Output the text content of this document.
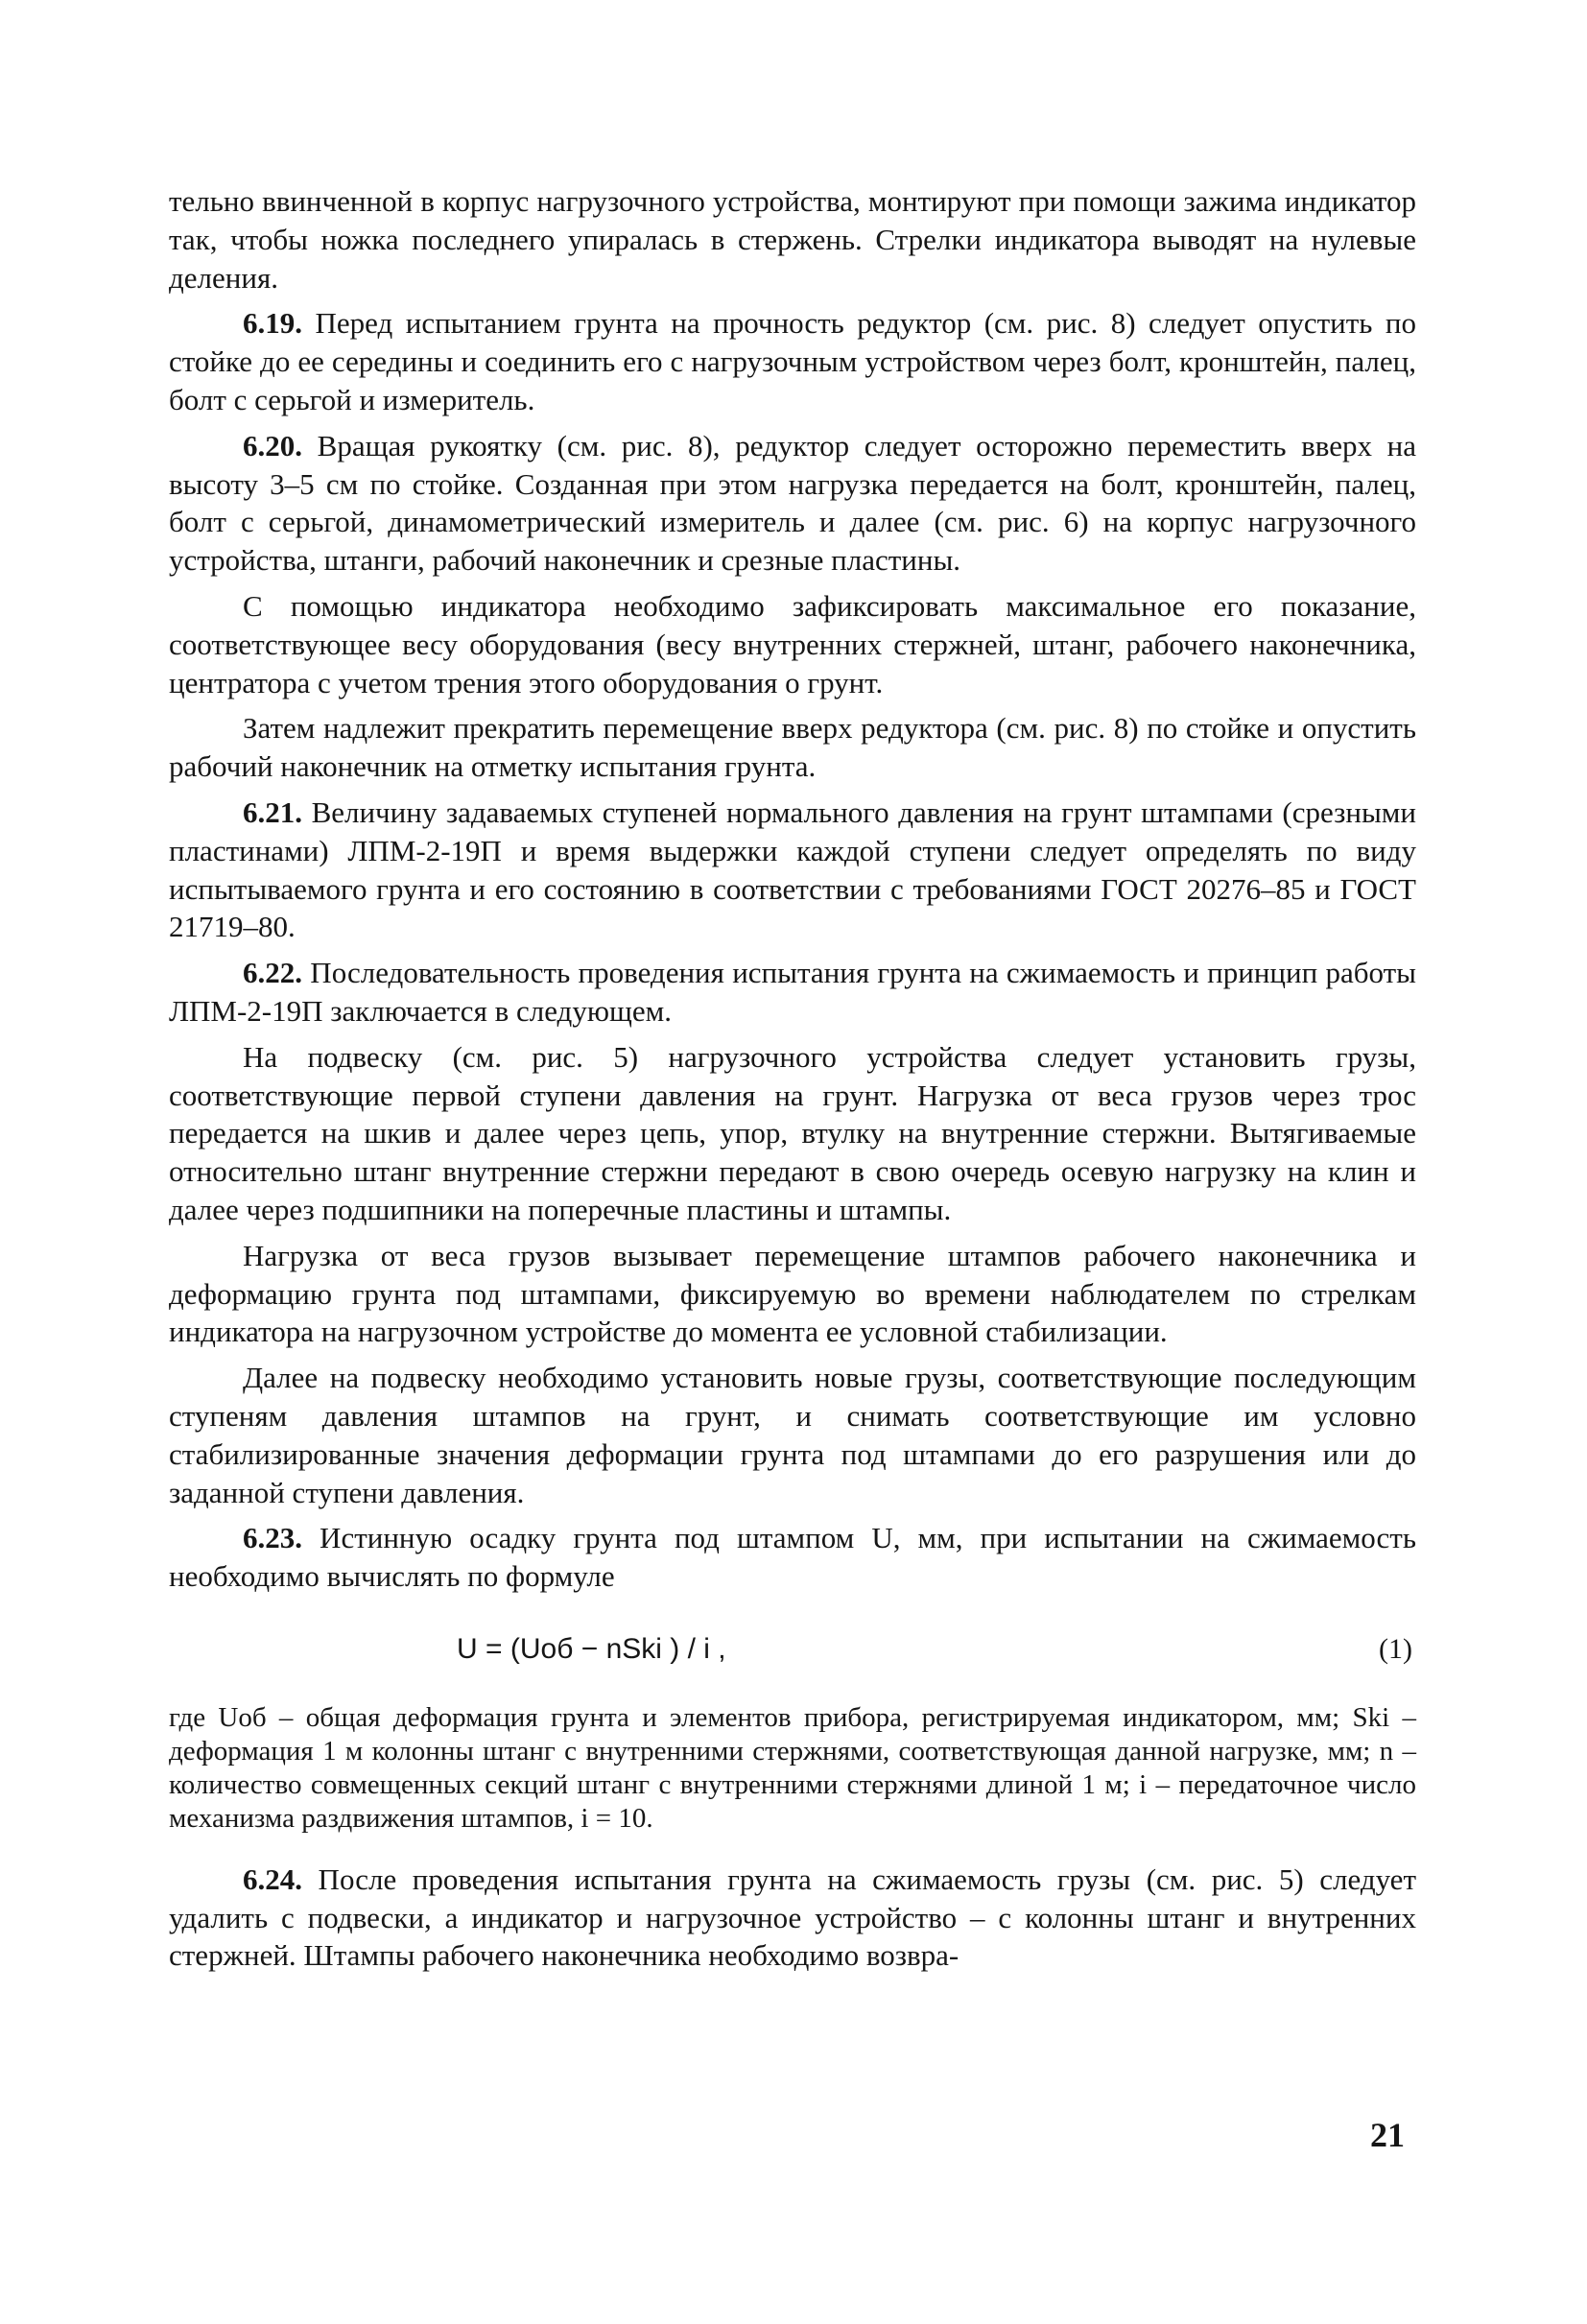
тельно ввинченной в корпус нагрузочного устройства, монтируют при помощи зажима индикатор так, чтобы ножка последнего упиралась в стержень. Стрелки индикатора выводят на нулевые деления.

6.19. Перед испытанием грунта на прочность редуктор (см. рис. 8) следует опустить по стойке до ее середины и соединить его с нагрузочным устройством через болт, кронштейн, палец, болт с серьгой и измеритель.

6.20. Вращая рукоятку (см. рис. 8), редуктор следует осторожно переместить вверх на высоту 3–5 см по стойке. Созданная при этом нагрузка передается на болт, кронштейн, палец, болт с серьгой, динамометрический измеритель и далее (см. рис. 6) на корпус нагрузочного устройства, штанги, рабочий наконечник и срезные пластины.

С помощью индикатора необходимо зафиксировать максимальное его показание, соответствующее весу оборудования (весу внутренних стержней, штанг, рабочего наконечника, центратора с учетом трения этого оборудования о грунт.

Затем надлежит прекратить перемещение вверх редуктора (см. рис. 8) по стойке и опустить рабочий наконечник на отметку испытания грунта.

6.21. Величину задаваемых ступеней нормального давления на грунт штампами (срезными пластинами) ЛПМ-2-19П и время выдержки каждой ступени следует определять по виду испытываемого грунта и его состоянию в соответствии с требованиями ГОСТ 20276–85 и ГОСТ 21719–80.

6.22. Последовательность проведения испытания грунта на сжимаемость и принцип работы ЛПМ-2-19П заключается в следующем.

На подвеску (см. рис. 5) нагрузочного устройства следует установить грузы, соответствующие первой ступени давления на грунт. Нагрузка от веса грузов через трос передается на шкив и далее через цепь, упор, втулку на внутренние стержни. Вытягиваемые относительно штанг внутренние стержни передают в свою очередь осевую нагрузку на клин и далее через подшипники на поперечные пластины и штампы.

Нагрузка от веса грузов вызывает перемещение штампов рабочего наконечника и деформацию грунта под штампами, фиксируемую во времени наблюдателем по стрелкам индикатора на нагрузочном устройстве до момента ее условной стабилизации.

Далее на подвеску необходимо установить новые грузы, соответствующие последующим ступеням давления штампов на грунт, и снимать соответствующие им условно стабилизированные значения деформации грунта под штампами до его разрушения или до заданной ступени давления.

6.23. Истинную осадку грунта под штампом U, мм, при испытании на сжимаемость необходимо вычислять по формуле

U = (Uоб − nSki ) / i ,	(1)

где Uоб – общая деформация грунта и элементов прибора, регистрируемая индикатором, мм; Ski – деформация 1 м колонны штанг с внутренними стержнями, соответствующая данной нагрузке, мм; n – количество совмещенных секций штанг с внутренними стержнями длиной 1 м; i – передаточное число механизма раздвижения штампов, i = 10.

6.24. После проведения испытания грунта на сжимаемость грузы (см. рис. 5) следует удалить с подвески, а индикатор и нагрузочное устройство – с колонны штанг и внутренних стержней. Штампы рабочего наконечника необходимо возвра-

21
